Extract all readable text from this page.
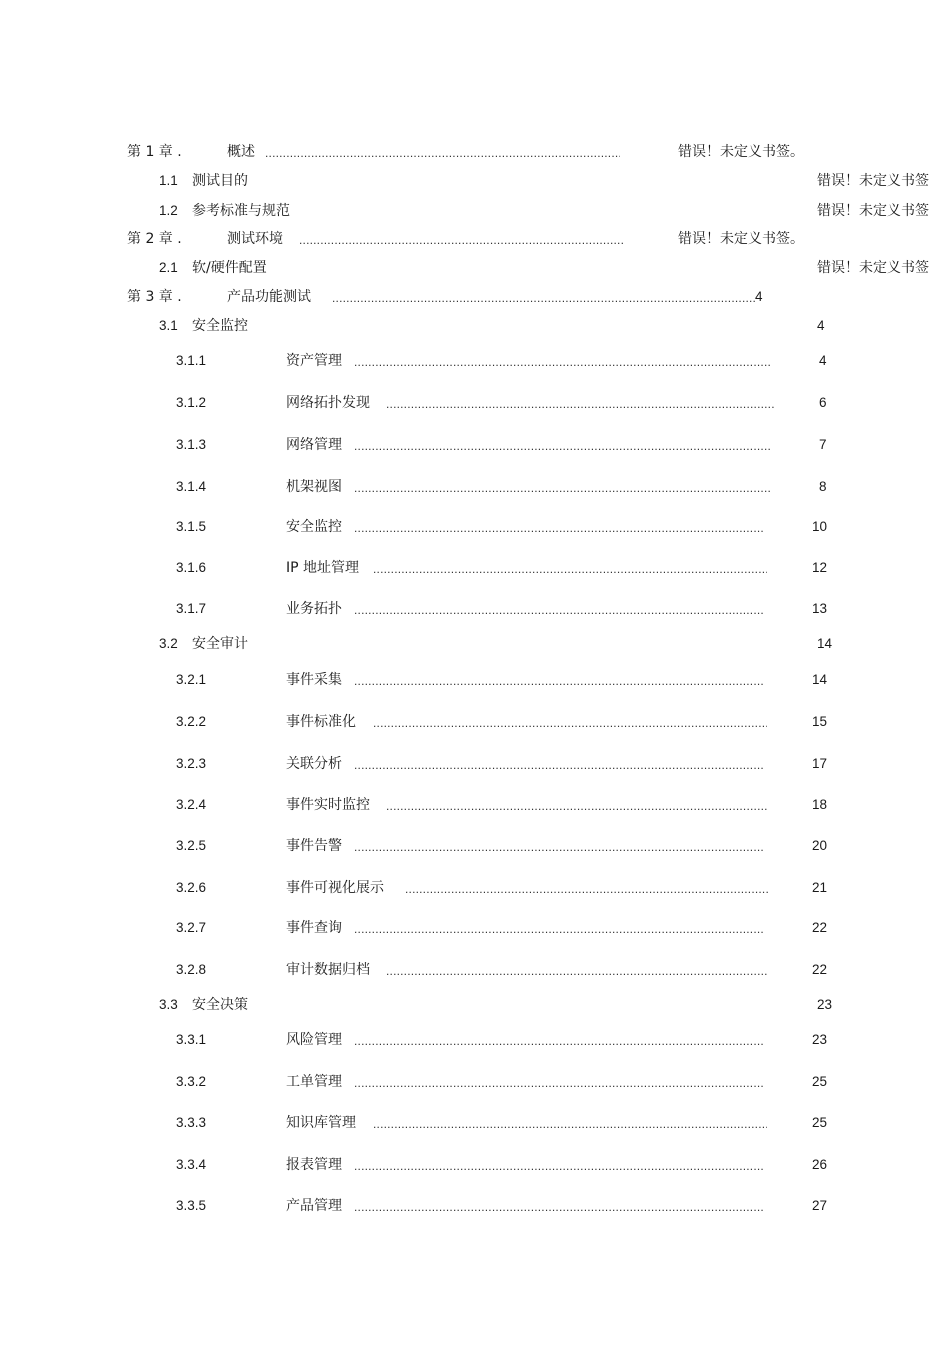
第 1 章 .	概述 .....	错误！未定义书签。
1.1 测试目的	错误！未定义书签
1.2 参考标准与规范	错误！未定义书签
第 2 章 .	测试环境 .....	错误！未定义书签。
2.1 软/硬件配置	错误！未定义书签
第 3 章 .	产品功能测试 .....	4
3.1 安全监控	4
3.1.1	资产管理 .....	4
3.1.2	网络拓扑发现 .....	6
3.1.3	网络管理 .....	7
3.1.4	机架视图 .....	8
3.1.5	安全监控 .....	10
3.1.6	IP 地址管理 .....	12
3.1.7	业务拓扑 .....	13
3.2 安全审计	14
3.2.1	事件采集 .....	14
3.2.2	事件标准化 .....	15
3.2.3	关联分析 .....	17
3.2.4	事件实时监控 .....	18
3.2.5	事件告警 .....	20
3.2.6	事件可视化展示 .....	21
3.2.7	事件查询 .....	22
3.2.8	审计数据归档 .....	22
3.3 安全决策	23
3.3.1	风险管理 .....	23
3.3.2	工单管理 .....	25
3.3.3	知识库管理 .....	25
3.3.4	报表管理 .....	26
3.3.5	产品管理 .....	27
